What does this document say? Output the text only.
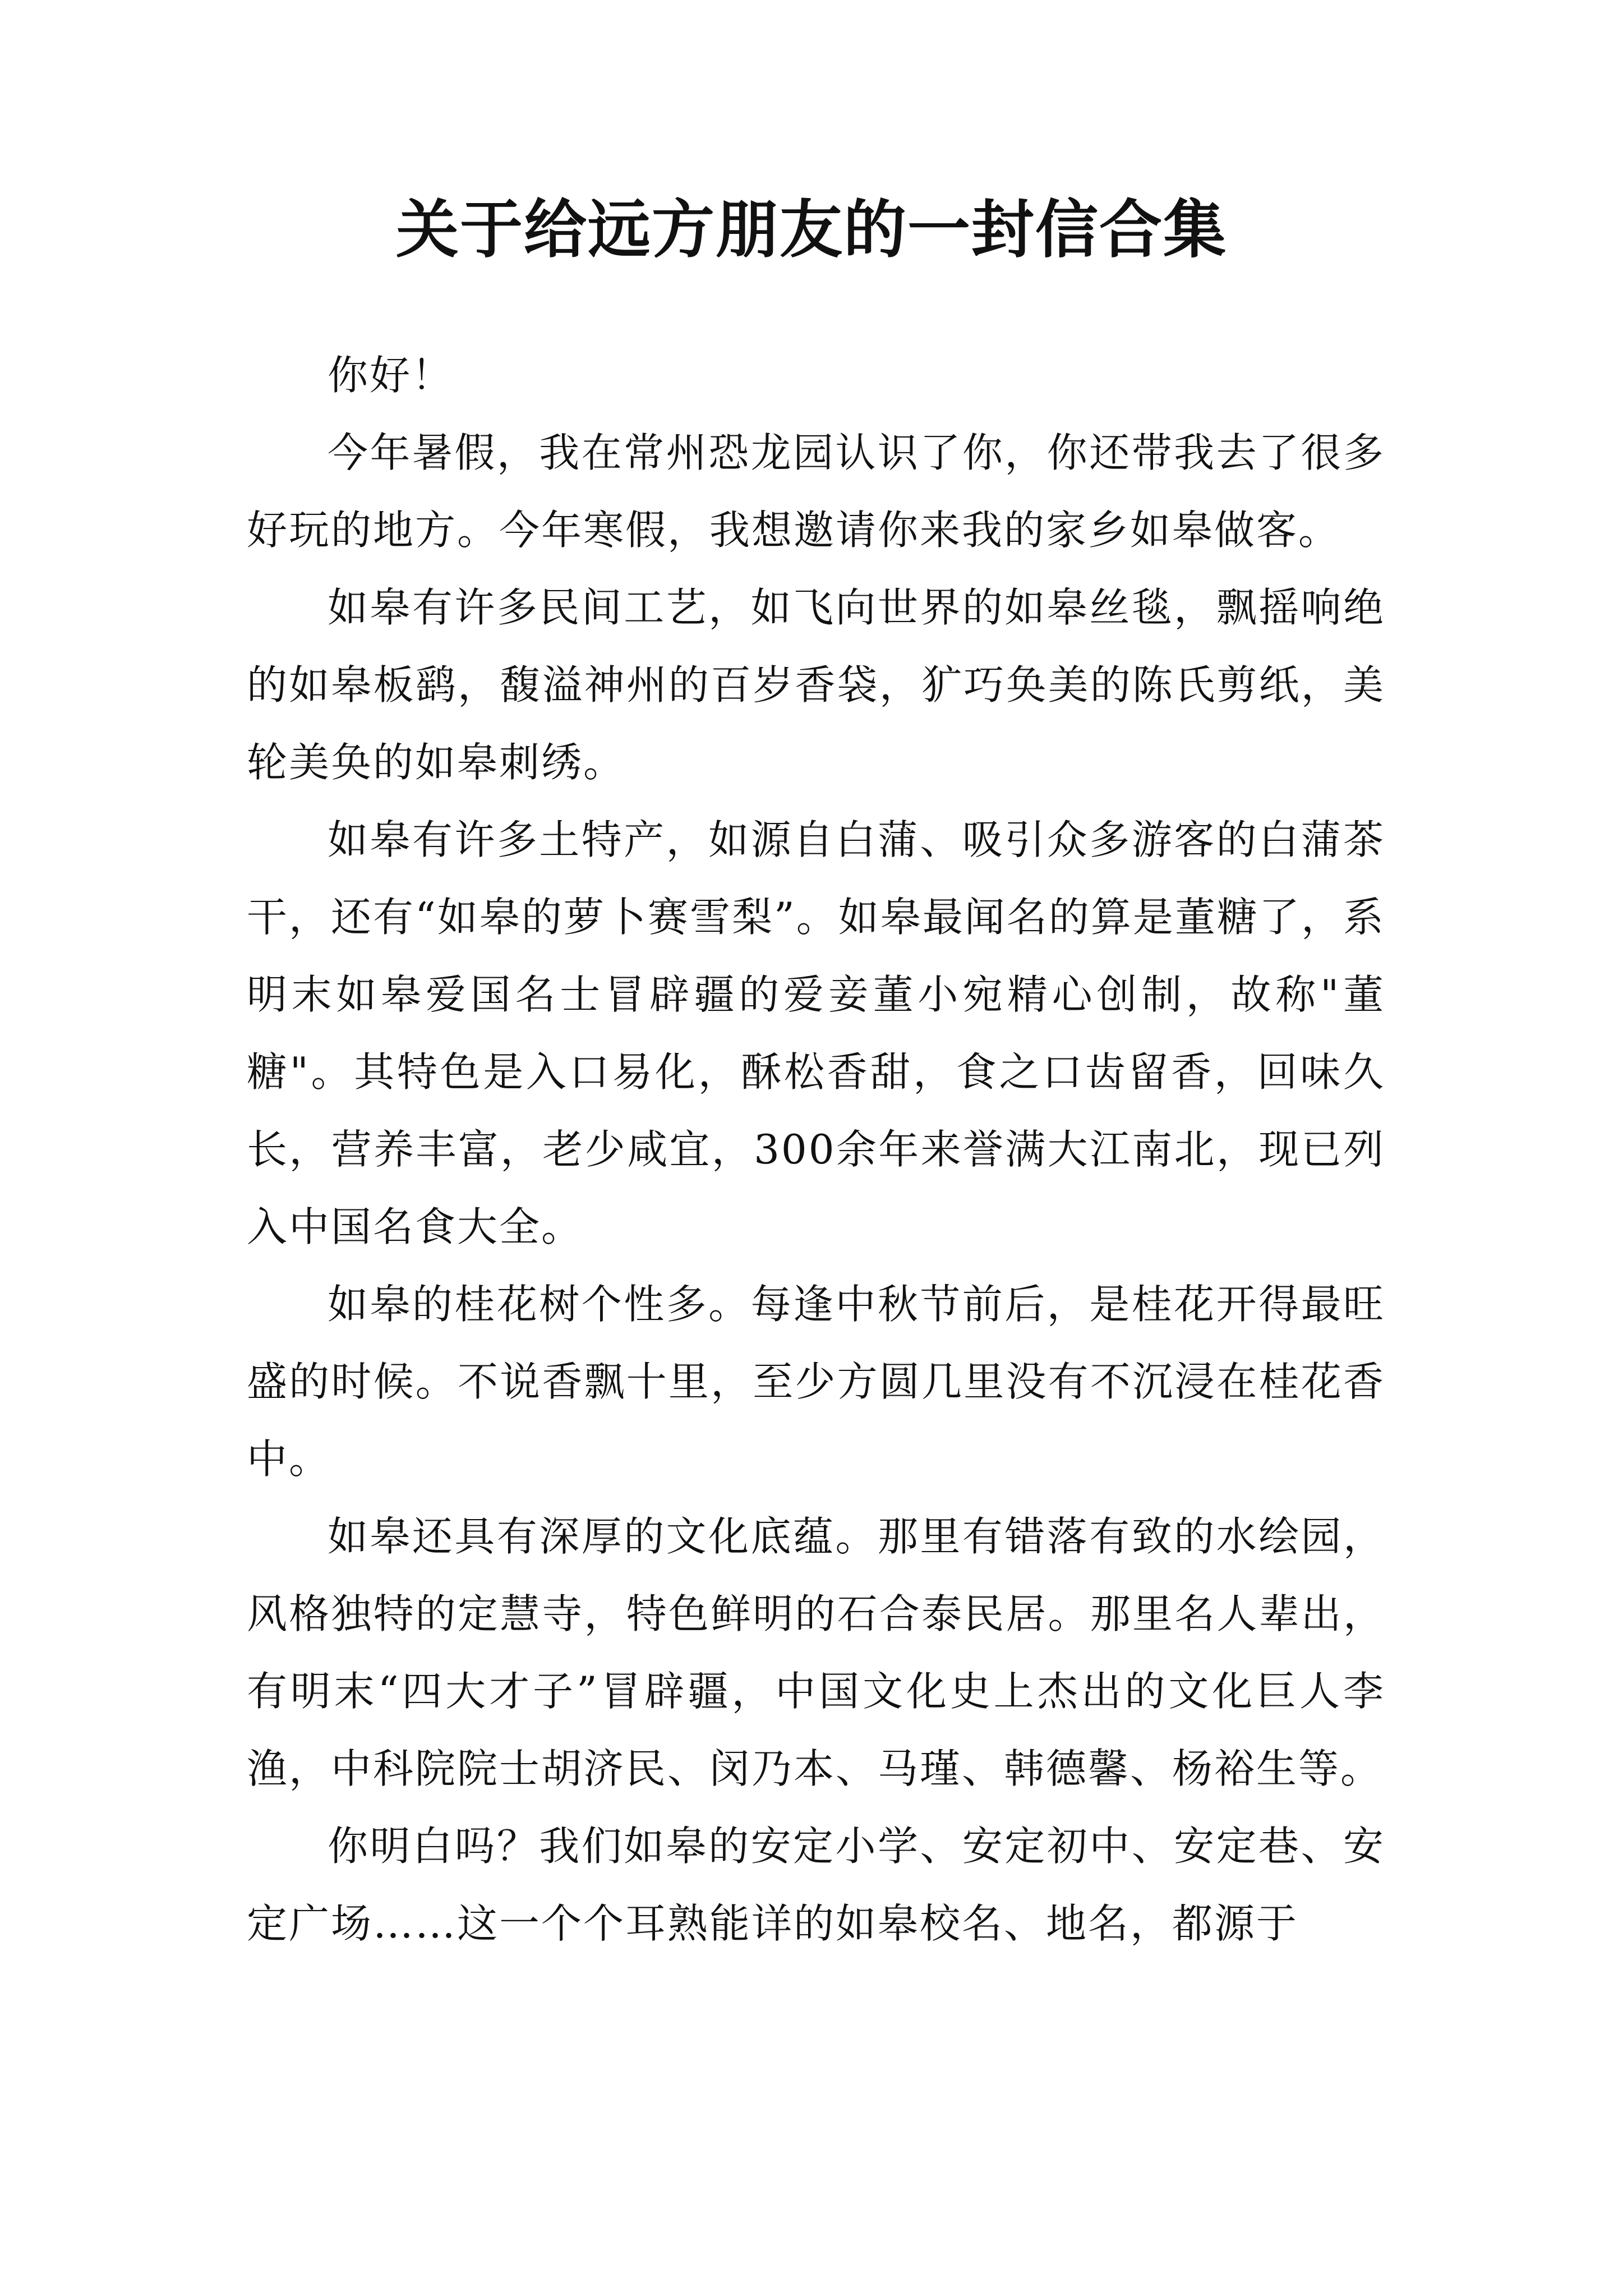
关于给远方朋友的一封信合集

你好！

今年暑假，我在常州恐龙园认识了你，你还带我去了很多好玩的地方。今年寒假，我想邀请你来我的家乡如皋做客。

如皋有许多民间工艺，如飞向世界的如皋丝毯，飘摇响绝的如皋板鹞，馥溢神州的百岁香袋，犷巧奂美的陈氏剪纸，美轮美奂的如皋刺绣。

如皋有许多土特产，如源自白蒲、吸引众多游客的白蒲茶干，还有“如皋的萝卜赛雪梨”。如皋最闻名的算是董糖了，系明末如皋爱国名士冒辟疆的爱妾董小宛精心创制，故称"董糖"。其特色是入口易化，酥松香甜，食之口齿留香，回味久长，营养丰富，老少咸宜，300余年来誉满大江南北，现已列入中国名食大全。

如皋的桂花树个性多。每逢中秋节前后，是桂花开得最旺盛的时候。不说香飘十里，至少方圆几里没有不沉浸在桂花香中。

如皋还具有深厚的文化底蕴。那里有错落有致的水绘园，风格独特的定慧寺，特色鲜明的石合泰民居。那里名人辈出，有明末“四大才子”冒辟疆，中国文化史上杰出的文化巨人李渔，中科院院士胡济民、闵乃本、马瑾、韩德馨、杨裕生等。

你明白吗？我们如皋的安定小学、安定初中、安定巷、安定广场……这一个个耳熟能详的如皋校名、地名，都源于
